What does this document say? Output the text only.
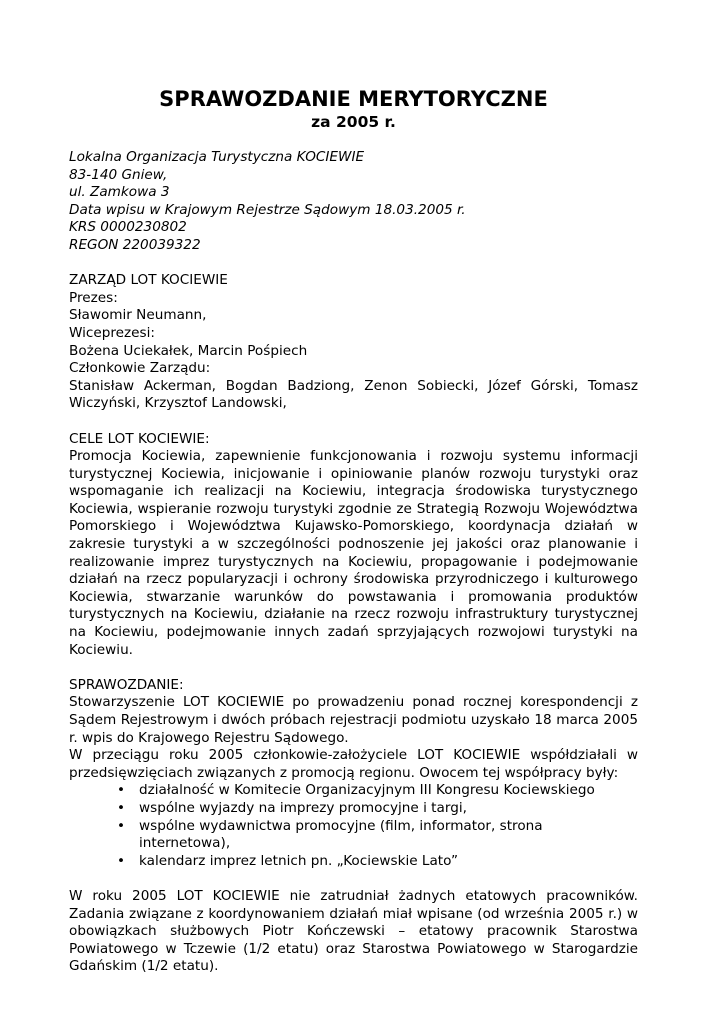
SPRAWOZDANIE MERYTORYCZNE
za 2005 r.
Lokalna Organizacja Turystyczna KOCIEWIE
83-140 Gniew,
ul. Zamkowa 3
Data wpisu w Krajowym Rejestrze Sądowym 18.03.2005 r.
KRS 0000230802
REGON 220039322
ZARZĄD LOT KOCIEWIE
Prezes:
Sławomir Neumann,
Wiceprezesi:
Bożena Uciekałek, Marcin Pośpiech
Członkowie Zarządu:

Stanisław Ackerman, Bogdan Badziong, Zenon Sobiecki, Józef Górski, Tomasz Wiczyński, Krzysztof Landowski,

CELE LOT KOCIEWIE:

Promocja Kociewia, zapewnienie funkcjonowania i rozwoju systemu informacji turystycznej Kociewia, inicjowanie i opiniowanie planów rozwoju turystyki oraz wspomaganie ich realizacji na Kociewiu, integracja środowiska turystycznego Kociewia, wspieranie rozwoju turystyki zgodnie ze Strategią Rozwoju Województwa Pomorskiego i Województwa Kujawsko-Pomorskiego, koordynacja działań w zakresie turystyki a w szczególności podnoszenie jej jakości oraz planowanie i realizowanie imprez turystycznych na Kociewiu, propagowanie i podejmowanie działań na rzecz popularyzacji i ochrony środowiska przyrodniczego i kulturowego Kociewia, stwarzanie warunków do powstawania i promowania produktów turystycznych na Kociewiu, działanie na rzecz rozwoju infrastruktury turystycznej na Kociewiu, podejmowanie innych zadań sprzyjających rozwojowi turystyki na Kociewiu.

SPRAWOZDANIE:

Stowarzyszenie LOT KOCIEWIE po prowadzeniu ponad rocznej korespondencji z Sądem Rejestrowym i dwóch próbach rejestracji podmiotu uzyskało 18 marca 2005 r. wpis do Krajowego Rejestru Sądowego.

W przeciągu roku 2005 członkowie-założyciele LOT KOCIEWIE współdziałali w przedsięwzięciach związanych z promocją regionu. Owocem tej współpracy były:

• działalność w Komitecie Organizacyjnym III Kongresu Kociewskiego
• wspólne wyjazdy na imprezy promocyjne i targi,
• wspólne wydawnictwa promocyjne (film, informator, strona internetowa),
• kalendarz imprez letnich pn. „Kociewskie Lato”

W roku 2005 LOT KOCIEWIE nie zatrudniał żadnych etatowych pracowników. Zadania związane z koordynowaniem działań miał wpisane (od września 2005 r.) w obowiązkach służbowych Piotr Kończewski – etatowy pracownik Starostwa Powiatowego w Tczewie (1/2 etatu) oraz Starostwa Powiatowego w Starogardzie Gdańskim (1/2 etatu).
